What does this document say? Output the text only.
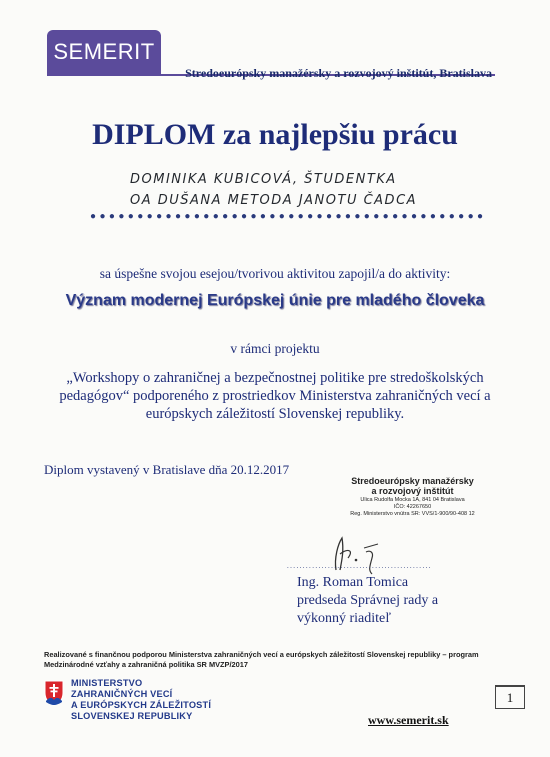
SEMERIT
Stredoeurópsky manažérsky a rozvojový inštitút, Bratislava
DIPLOM za najlepšiu prácu
DOMINIKA KUBICOVÁ, ŠTUDENTKA
OA DUŠANA METODA JANOTU ČADCA
●●●●●●●●●●●●●●●●●●●●●●●●●●●●●●●●●●●●●●●●●●
sa úspešne svojou esejou/tvorivou aktivitou zapojil/a do aktivity:
Význam modernej Európskej únie pre mladého človeka
v rámci projektu
„Workshopy o zahraničnej a bezpečnostnej politike pre stredoškolských pedagógov“ podporeného z prostriedkov Ministerstva zahraničných vecí a európskych záležitostí Slovenskej republiky.
Diplom vystavený v Bratislave dňa 20.12.2017
Stredoeurópsky manažérsky
a rozvojový inštitút
Ulica Rudolfa Mocka 1A, 841 04 Bratislava
IČO: 42267650
Reg. Ministerstvo vnútra SR: VVS/1-900/90-408 12
..............................................
Ing. Roman Tomica
predseda Správnej rady a
výkonný riaditeľ
Realizované s finančnou podporou Ministerstva zahraničných vecí a európskych záležitostí Slovenskej republiky – program Medzinárodné vzťahy a zahraničná politika SR MVZP/2017
MINISTERSTVO
ZAHRANIČNÝCH VECÍ
A EURÓPSKYCH ZÁLEŽITOSTÍ
SLOVENSKEJ REPUBLIKY
1
www.semerit.sk
